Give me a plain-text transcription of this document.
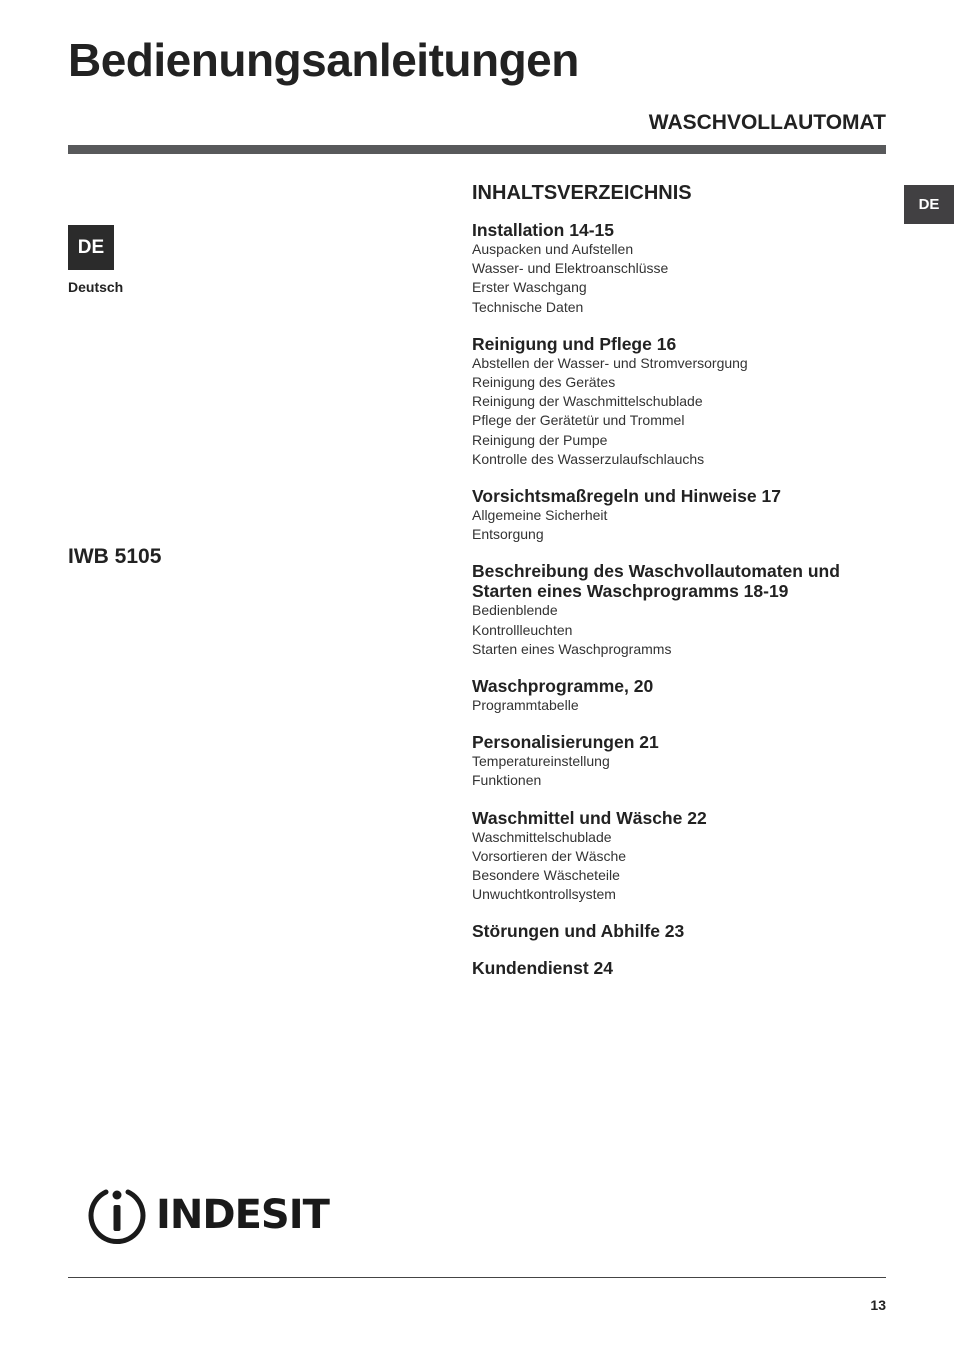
Bedienungsanleitungen
WASCHVOLLAUTOMAT
DE
DE
Deutsch
IWB 5105
INHALTSVERZEICHNIS
Installation 14-15
Auspacken und Aufstellen
Wasser- und Elektroanschlüsse
Erster Waschgang
Technische Daten
Reinigung und Pflege 16
Abstellen der Wasser- und Stromversorgung
Reinigung des Gerätes
Reinigung der Waschmittelschublade
Pflege der Gerätetür und Trommel
Reinigung der Pumpe
Kontrolle des Wasserzulaufschlauchs
Vorsichtsmaßregeln und Hinweise 17
Allgemeine Sicherheit
Entsorgung
Beschreibung des Waschvollautomaten und Starten eines Waschprogramms 18-19
Bedienblende
Kontrollleuchten
Starten eines Waschprogramms
Waschprogramme, 20
Programmtabelle
Personalisierungen 21
Temperatureinstellung
Funktionen
Waschmittel und Wäsche 22
Waschmittelschublade
Vorsortieren der Wäsche
Besondere Wäscheteile
Unwuchtkontrollsystem
Störungen und Abhilfe 23
Kundendienst 24
INDESIT
13
